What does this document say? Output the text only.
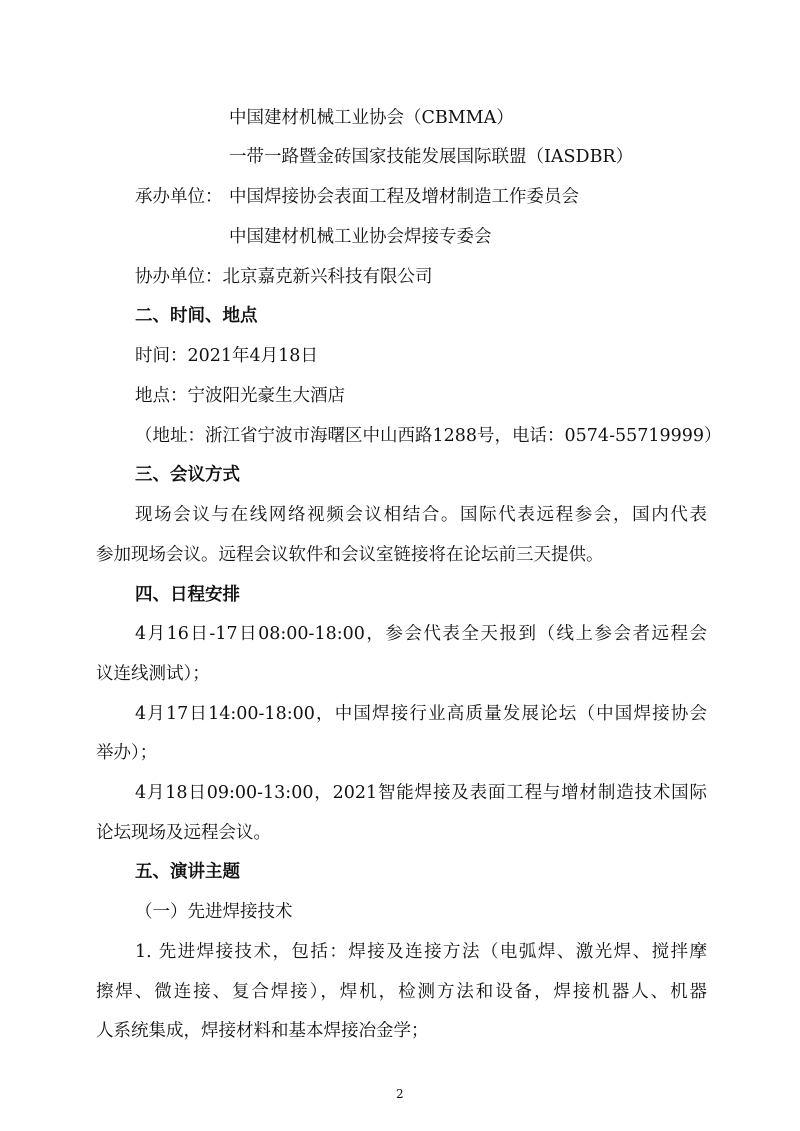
中国建材机械工业协会（CBMMA）
一带一路暨金砖国家技能发展国际联盟（IASDBR）
承办单位： 中国焊接协会表面工程及增材制造工作委员会
中国建材机械工业协会焊接专委会
协办单位：北京嘉克新兴科技有限公司
二、时间、地点
时间：2021年4月18日
地点：宁波阳光豪生大酒店
（地址：浙江省宁波市海曙区中山西路1288号，电话：0574-55719999）
三、会议方式
现场会议与在线网络视频会议相结合。国际代表远程参会，国内代表
参加现场会议。远程会议软件和会议室链接将在论坛前三天提供。
四、日程安排
4月16日-17日08:00-18:00，参会代表全天报到（线上参会者远程会
议连线测试）；
4月17日14:00-18:00，中国焊接行业高质量发展论坛（中国焊接协会
举办）；
4月18日09:00-13:00，2021智能焊接及表面工程与增材制造技术国际
论坛现场及远程会议。
五、演讲主题
（一）先进焊接技术
1. 先进焊接技术，包括：焊接及连接方法（电弧焊、激光焊、搅拌摩
擦焊、微连接、复合焊接），焊机，检测方法和设备，焊接机器人、机器
人系统集成，焊接材料和基本焊接冶金学；
2
